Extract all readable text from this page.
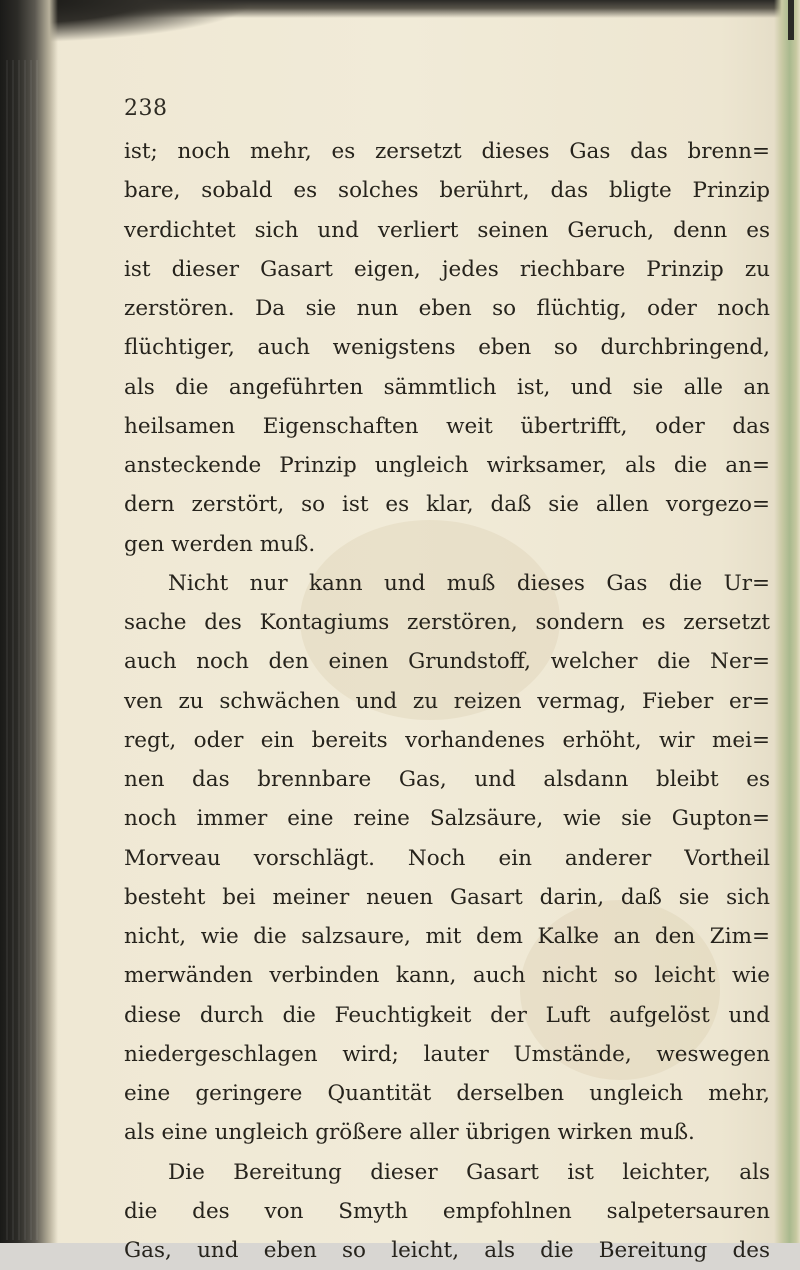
238
ist; noch mehr, es zersetzt dieses Gas das brenn=
bare, sobald es solches berührt, das bligte Prinzip
verdichtet sich und verliert seinen Geruch, denn es
ist dieser Gasart eigen, jedes riechbare Prinzip zu
zerstören. Da sie nun eben so flüchtig, oder noch
flüchtiger, auch wenigstens eben so durchbringend,
als die angeführten sämmtlich ist, und sie alle an
heilsamen Eigenschaften weit übertrifft, oder das
ansteckende Prinzip ungleich wirksamer, als die an=
dern zerstört, so ist es klar, daß sie allen vorgezo=
gen werden muß.
Nicht nur kann und muß dieses Gas die Ur=
sache des Kontagiums zerstören, sondern es zersetzt
auch noch den einen Grundstoff, welcher die Ner=
ven zu schwächen und zu reizen vermag, Fieber er=
regt, oder ein bereits vorhandenes erhöht, wir mei=
nen das brennbare Gas, und alsdann bleibt es
noch immer eine reine Salzsäure, wie sie Gupton=
Morveau vorschlägt. Noch ein anderer Vortheil
besteht bei meiner neuen Gasart darin, daß sie sich
nicht, wie die salzsaure, mit dem Kalke an den Zim=
merwänden verbinden kann, auch nicht so leicht wie
diese durch die Feuchtigkeit der Luft aufgelöst und
niedergeschlagen wird; lauter Umstände, weswegen
eine geringere Quantität derselben ungleich mehr,
als eine ungleich größere aller übrigen wirken muß.
Die Bereitung dieser Gasart ist leichter, als
die des von Smyth empfohlnen salpetersauren
Gas, und eben so leicht, als die Bereitung des
